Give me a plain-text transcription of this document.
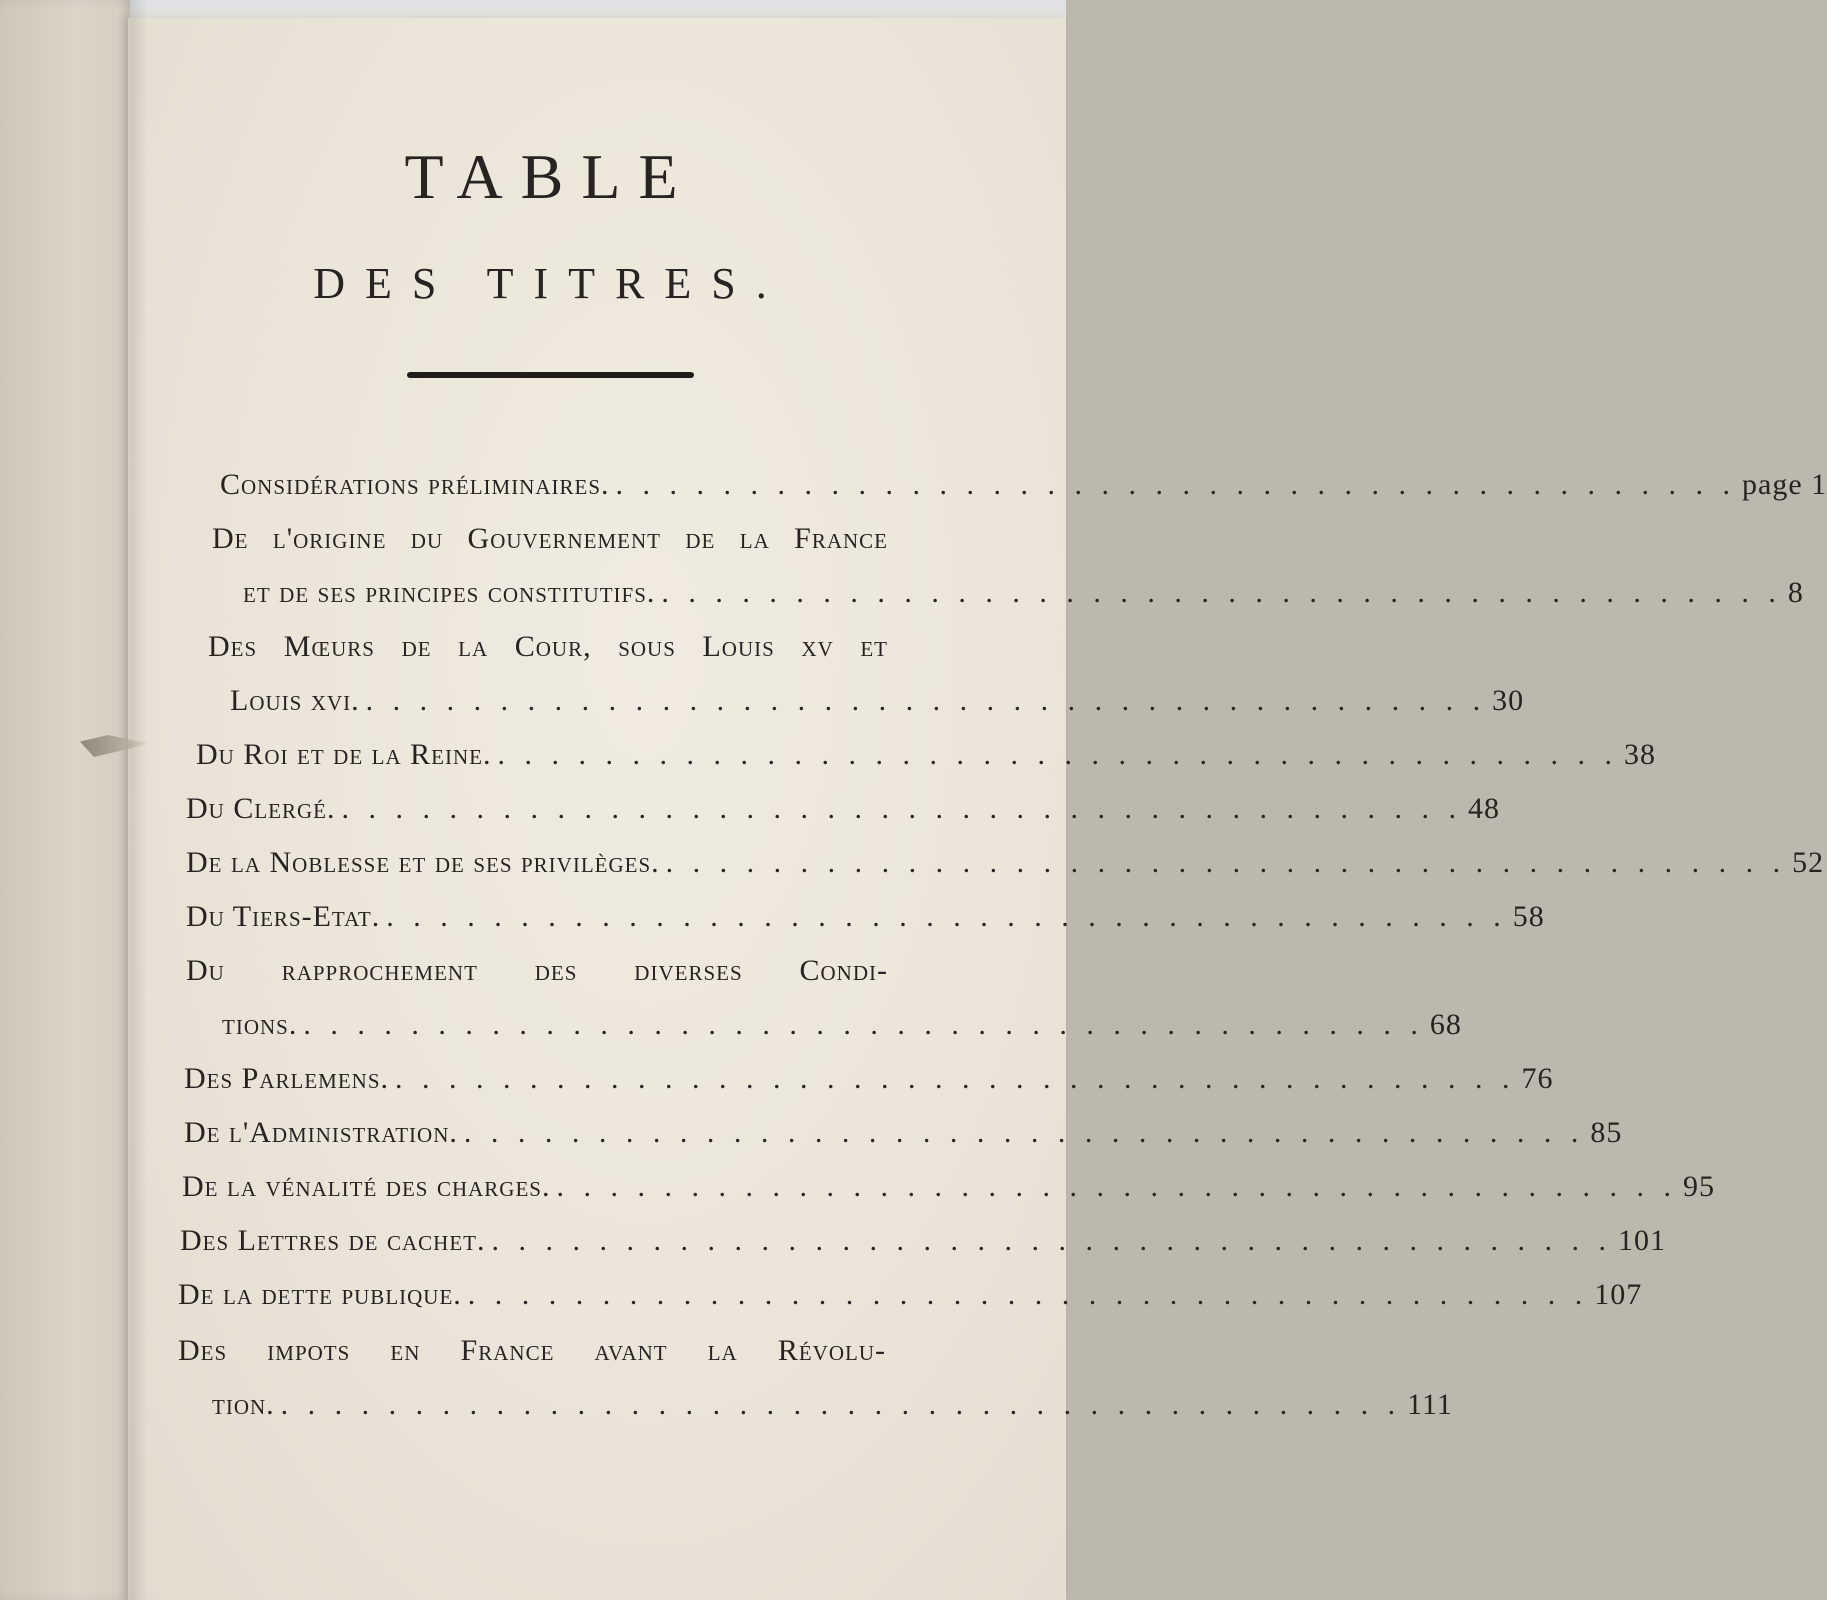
TABLE
DES TITRES.
Considérations préliminaires. . . . . . . . . . . . . . . . . . . . . . . . . . . . . . . . . . . . . . . . . . . page 1
De l'origine du Gouvernement de la France
et de ses principes constitutifs. . . . . . . . . . . . . . . . . . . . . . . . . . . . . . . . . . . . . . . . . . . 8
Des Mœurs de la Cour, sous Louis xv et
Louis xvi. . . . . . . . . . . . . . . . . . . . . . . . . . . . . . . . . . . . . . . . . . . 30
Du Roi et de la Reine. . . . . . . . . . . . . . . . . . . . . . . . . . . . . . . . . . . . . . . . . . . 38
Du Clergé. . . . . . . . . . . . . . . . . . . . . . . . . . . . . . . . . . . . . . . . . . . 48
De la Noblesse et de ses privilèges. . . . . . . . . . . . . . . . . . . . . . . . . . . . . . . . . . . . . . . . . . . 52
Du Tiers-Etat. . . . . . . . . . . . . . . . . . . . . . . . . . . . . . . . . . . . . . . . . . . 58
Du rapprochement des diverses Condi-
tions. . . . . . . . . . . . . . . . . . . . . . . . . . . . . . . . . . . . . . . . . . . 68
Des Parlemens. . . . . . . . . . . . . . . . . . . . . . . . . . . . . . . . . . . . . . . . . . . 76
De l'Administration. . . . . . . . . . . . . . . . . . . . . . . . . . . . . . . . . . . . . . . . . . . 85
De la vénalité des charges. . . . . . . . . . . . . . . . . . . . . . . . . . . . . . . . . . . . . . . . . . . 95
Des Lettres de cachet. . . . . . . . . . . . . . . . . . . . . . . . . . . . . . . . . . . . . . . . . . . 101
De la dette publique. . . . . . . . . . . . . . . . . . . . . . . . . . . . . . . . . . . . . . . . . . . 107
Des impots en France avant la Révolu-
tion. . . . . . . . . . . . . . . . . . . . . . . . . . . . . . . . . . . . . . . . . . . 111
